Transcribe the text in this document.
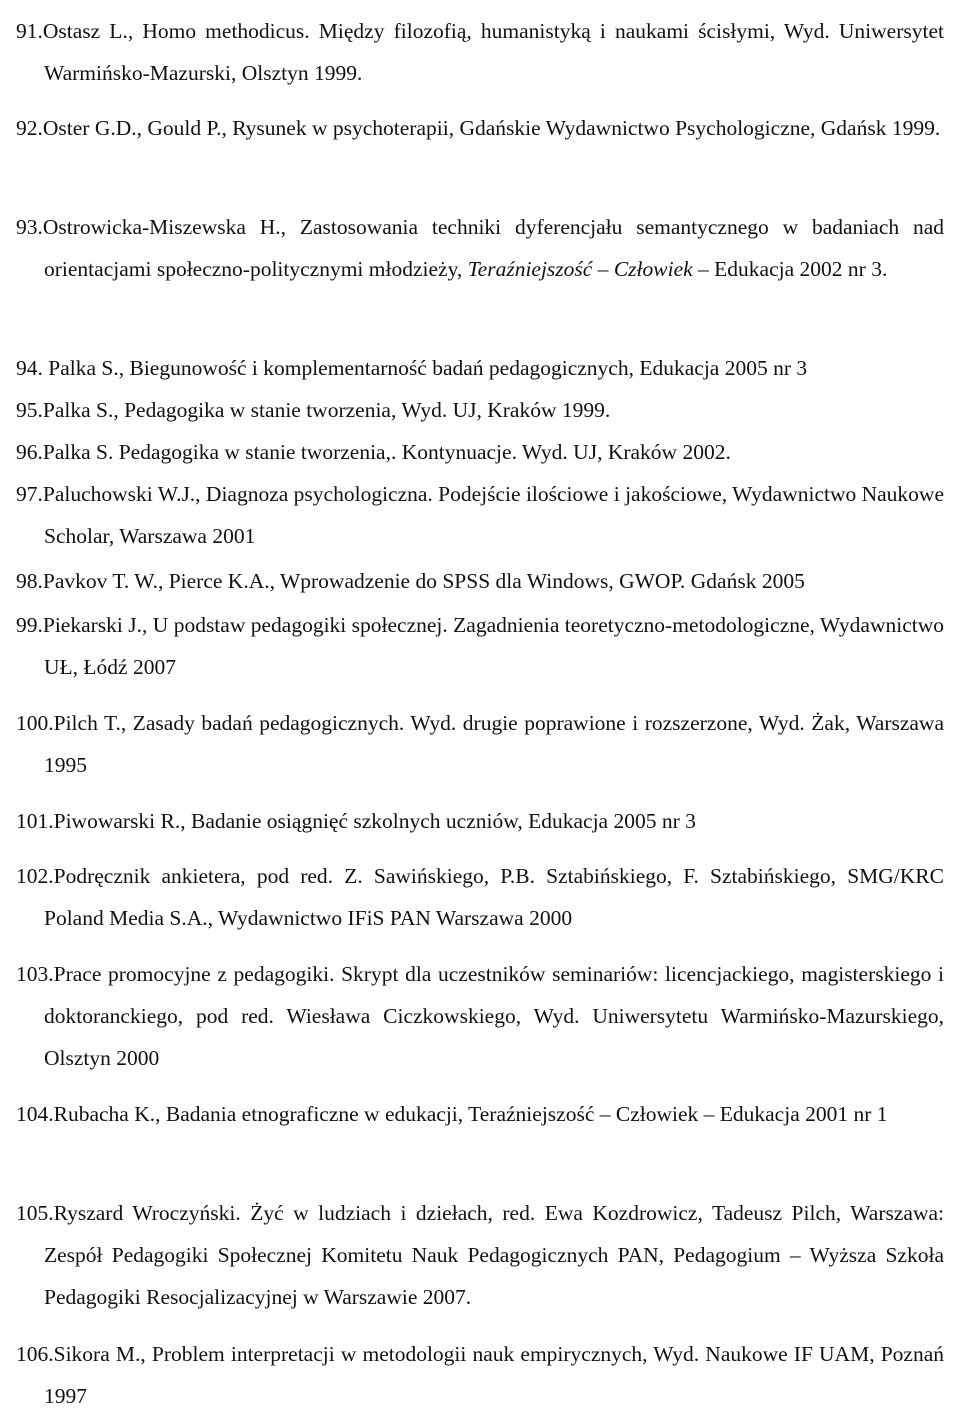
91.Ostasz L., Homo methodicus. Między filozofią, humanistyką i naukami ścisłymi, Wyd. Uniwersytet Warmińsko-Mazurski, Olsztyn 1999.
92.Oster G.D., Gould P., Rysunek w psychoterapii, Gdańskie Wydawnictwo Psychologiczne, Gdańsk 1999.
93.Ostrowicka-Miszewska H., Zastosowania techniki dyferencjału semantycznego w badaniach nad orientacjami społeczno-politycznymi młodzieży, Teraźniejszość – Człowiek – Edukacja 2002 nr 3.
94. Palka S., Biegunowość i komplementarność badań pedagogicznych, Edukacja 2005 nr 3
95.Palka S., Pedagogika w stanie tworzenia, Wyd. UJ, Kraków 1999.
96.Palka S. Pedagogika w stanie tworzenia,. Kontynuacje. Wyd. UJ, Kraków 2002.
97.Paluchowski W.J., Diagnoza psychologiczna. Podejście ilościowe i jakościowe, Wydawnictwo Naukowe Scholar, Warszawa 2001
98.Pavkov T. W., Pierce K.A., Wprowadzenie do SPSS dla Windows, GWOP. Gdańsk 2005
99.Piekarski J., U podstaw pedagogiki społecznej. Zagadnienia teoretyczno-metodologiczne, Wydawnictwo UŁ, Łódź 2007
100.Pilch T., Zasady badań pedagogicznych. Wyd. drugie poprawione i rozszerzone, Wyd. Żak, Warszawa 1995
101.Piwowarski R., Badanie osiągnięć szkolnych uczniów, Edukacja 2005 nr 3
102.Podręcznik ankietera, pod red. Z. Sawińskiego, P.B. Sztabińskiego, F. Sztabińskiego, SMG/KRC Poland Media S.A., Wydawnictwo IFiS PAN Warszawa 2000
103.Prace promocyjne z pedagogiki. Skrypt dla uczestników seminariów: licencjackiego, magisterskiego i doktoranckiego, pod red. Wiesława Ciczkowskiego, Wyd. Uniwersytetu Warmińsko-Mazurskiego, Olsztyn 2000
104.Rubacha K., Badania etnograficzne w edukacji, Teraźniejszość – Człowiek – Edukacja 2001 nr 1
105.Ryszard Wroczyński. Żyć w ludziach i dziełach, red. Ewa Kozdrowicz, Tadeusz Pilch, Warszawa: Zespół Pedagogiki Społecznej Komitetu Nauk Pedagogicznych PAN, Pedagogium – Wyższa Szkoła Pedagogiki Resocjalizacyjnej w Warszawie 2007.
106.Sikora M., Problem interpretacji w metodologii nauk empirycznych, Wyd. Naukowe IF UAM, Poznań 1997
